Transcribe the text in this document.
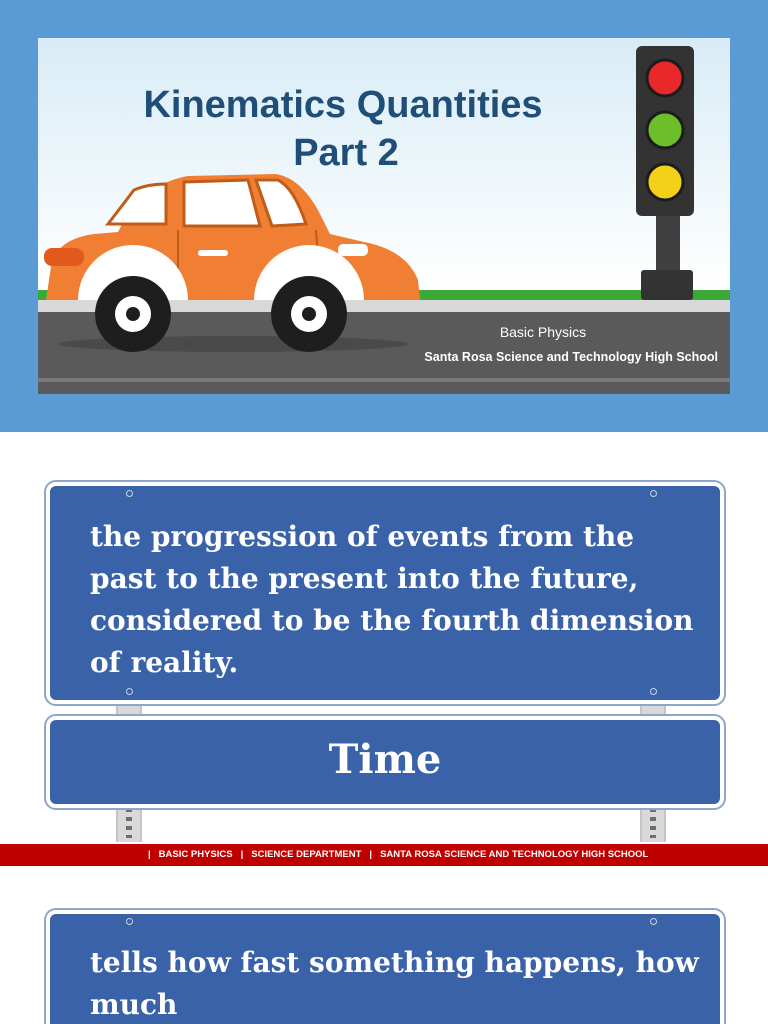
Kinematics Quantities
Part 2

Basic Physics

Santa Rosa Science and Technology High School

the progression of events from the past to the present into the future, considered to be the fourth dimension of reality.

Time

| BASIC PHYSICS | SCIENCE DEPARTMENT | SANTA ROSA SCIENCE AND TECHNOLOGY HIGH SCHOOL

tells how fast something happens, how much
